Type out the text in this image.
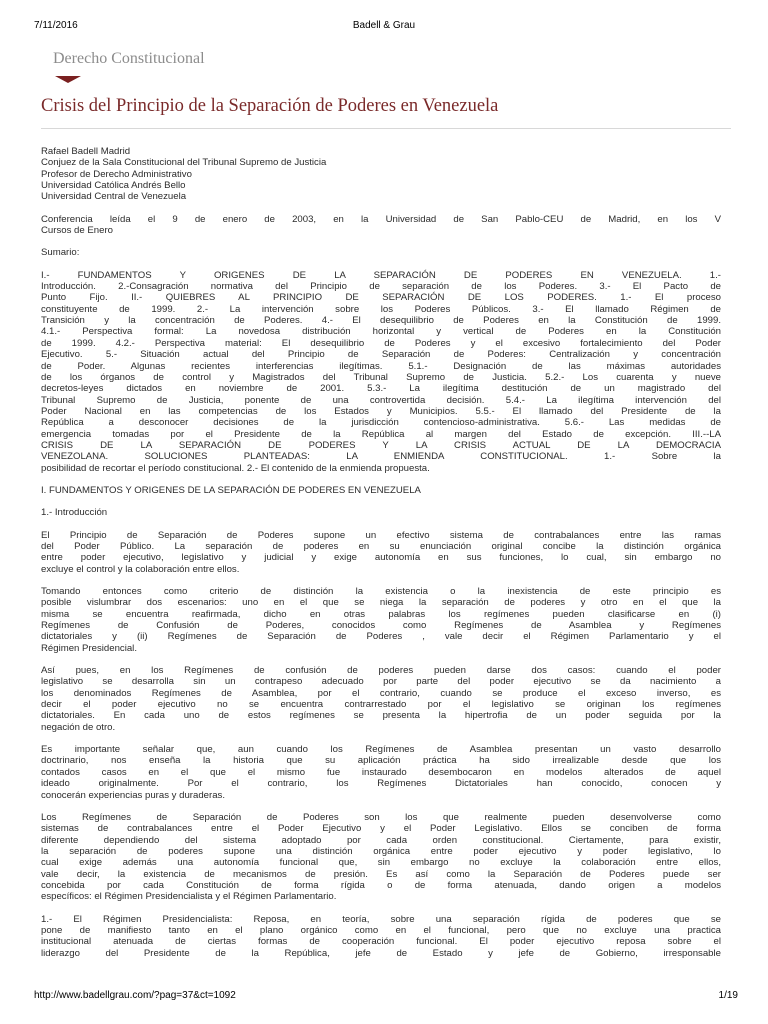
7/11/2016	Badell & Grau
Derecho Constitucional
Crisis del Principio de la Separación de Poderes en Venezuela
Rafael Badell Madrid
Conjuez de la Sala Constitucional del Tribunal Supremo de Justicia
Profesor de Derecho Administrativo
Universidad Católica Andrés Bello
Universidad Central de Venezuela

Conferencia leída el 9 de enero de 2003, en la Universidad de San Pablo-CEU de Madrid, en los V
Cursos de Enero

Sumario:

I.- FUNDAMENTOS Y ORIGENES DE LA SEPARACIÓN DE PODERES EN VENEZUELA. 1.-
Introducción. 2.-Consagración normativa del Principio de separación de los Poderes. 3.- El Pacto de
Punto Fijo. II.- QUIEBRES AL PRINCIPIO DE SEPARACIÓN DE LOS PODERES. 1.- El proceso
constituyente de 1999. 2.- La intervención sobre los Poderes Públicos. 3.- El llamado Régimen de
Transición y la concentración de Poderes. 4.- El desequilibrio de Poderes en la Constitución de 1999.
4.1.- Perspectiva formal: La novedosa distribución horizontal y vertical de Poderes en la Constitución
de 1999. 4.2.- Perspectiva material: El desequilibrio de Poderes y el excesivo fortalecimiento del Poder
Ejecutivo. 5.- Situación actual del Principio de Separación de Poderes: Centralización y concentración
de Poder. Algunas recientes interferencias ilegítimas. 5.1.- Designación de las máximas autoridades
de los órganos de control y Magistrados del Tribunal Supremo de Justicia. 5.2.- Los cuarenta y nueve
decretos-leyes dictados en noviembre de 2001. 5.3.- La ilegítima destitución de un magistrado del
Tribunal Supremo de Justicia, ponente de una controvertida decisión. 5.4.- La ilegítima intervención del
Poder Nacional en las competencias de los Estados y Municipios. 5.5.- El llamado del Presidente de la
República a desconocer decisiones de la jurisdicción contencioso-administrativa. 5.6.- Las medidas de
emergencia tomadas por el Presidente de la República al margen del Estado de excepción. III.--LA
CRISIS DE LA SEPARACIÓN DE PODERES Y LA CRISIS ACTUAL DE LA DEMOCRACIA
VENEZOLANA. SOLUCIONES PLANTEADAS: LA ENMIENDA CONSTITUCIONAL. 1.- Sobre la
posibilidad de recortar el período constitucional. 2.- El contenido de la enmienda propuesta.

I. FUNDAMENTOS Y ORIGENES DE LA SEPARACIÓN DE PODERES EN VENEZUELA

1.- Introducción

El Principio de Separación de Poderes supone un efectivo sistema de contrabalances entre las ramas
del Poder Público. La separación de poderes en su enunciación original concibe la distinción orgánica
entre poder ejecutivo, legislativo y judicial y exige autonomía en sus funciones, lo cual, sin embargo no
excluye el control y la colaboración entre ellos.

Tomando entonces como criterio de distinción la existencia o la inexistencia de este principio es
posible vislumbrar dos escenarios: uno en el que se niega la separación de poderes y otro en el que la
misma se encuentra reafirmada, dicho en otras palabras los regímenes pueden clasificarse en (i)
Regímenes de Confusión de Poderes, conocidos como Regímenes de Asamblea y Regímenes
dictatoriales y (ii) Regímenes de Separación de Poderes , vale decir el Régimen Parlamentario y el
Régimen Presidencial.

Así pues, en los Regímenes de confusión de poderes pueden darse dos casos: cuando el poder
legislativo se desarrolla sin un contrapeso adecuado por parte del poder ejecutivo se da nacimiento a
los denominados Regímenes de Asamblea, por el contrario, cuando se produce el exceso inverso, es
decir el poder ejecutivo no se encuentra contrarrestado por el legislativo se originan los regímenes
dictatoriales. En cada uno de estos regímenes se presenta la hipertrofia de un poder seguida por la
negación de otro.

Es importante señalar que, aun cuando los Regímenes de Asamblea presentan un vasto desarrollo
doctrinario, nos enseña la historia que su aplicación práctica ha sido irrealizable desde que los
contados casos en el que el mismo fue instaurado desembocaron en modelos alterados de aquel
ideado originalmente. Por el contrario, los Regímenes Dictatoriales han conocido, conocen y
conocerán experiencias puras y duraderas.

Los Regímenes de Separación de Poderes son los que realmente pueden desenvolverse como
sistemas de contrabalances entre el Poder Ejecutivo y el Poder Legislativo. Ellos se conciben de forma
diferente dependiendo del sistema adoptado por cada orden constitucional. Ciertamente, para existir,
la separación de poderes supone una distinción orgánica entre poder ejecutivo y poder legislativo, lo
cual exige además una autonomía funcional que, sin embargo no excluye la colaboración entre ellos,
vale decir, la existencia de mecanismos de presión. Es así como la Separación de Poderes puede ser
concebida por cada Constitución de forma rígida o de forma atenuada, dando origen a modelos
específicos: el Régimen Presidencialista y el Régimen Parlamentario.

1.- El Régimen Presidencialista: Reposa, en teoría, sobre una separación rígida de poderes que se
pone de manifiesto tanto en el plano orgánico como en el funcional, pero que no excluye una practica
institucional atenuada de ciertas formas de cooperación funcional. El poder ejecutivo reposa sobre el
liderazgo del Presidente de la República, jefe de Estado y jefe de Gobierno, irresponsable

http://www.badellgrau.com/?pag=37&ct=1092	1/19
